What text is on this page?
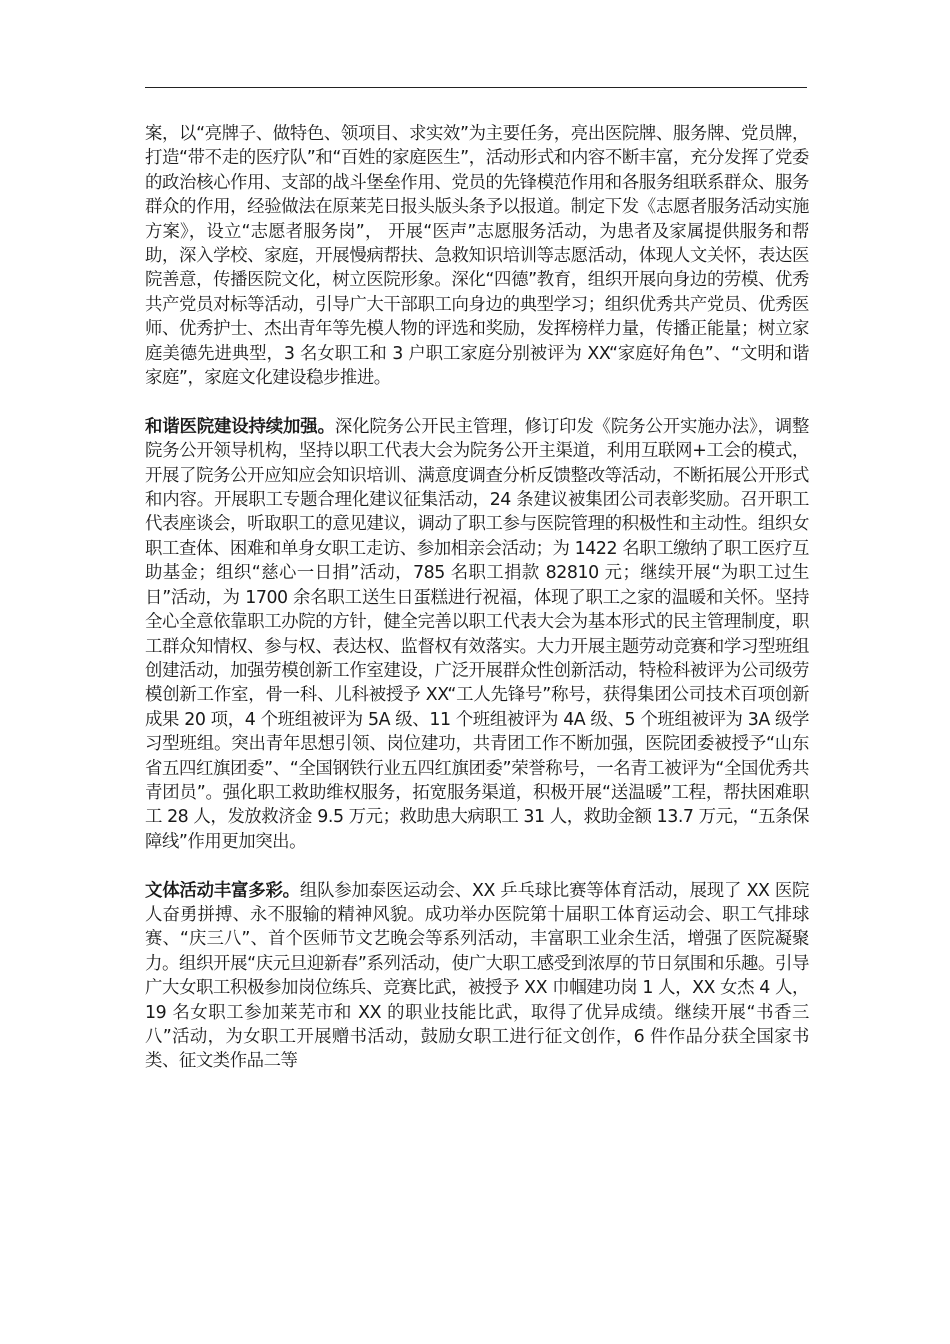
案，以“亮牌子、做特色、领项目、求实效”为主要任务，亮出医院牌、服务牌、党员牌，打造“带不走的医疗队”和“百姓的家庭医生”，活动形式和内容不断丰富，充分发挥了党委的政治核心作用、支部的战斗堡垒作用、党员的先锋模范作用和各服务组联系群众、服务群众的作用，经验做法在原莱芜日报头版头条予以报道。制定下发《志愿者服务活动实施方案》，设立“志愿者服务岗”， 开展“医声”志愿服务活动，为患者及家属提供服务和帮助，深入学校、家庭，开展慢病帮扶、急救知识培训等志愿活动，体现人文关怀，表达医院善意，传播医院文化，树立医院形象。深化“四德”教育，组织开展向身边的劳模、优秀共产党员对标等活动，引导广大干部职工向身边的典型学习；组织优秀共产党员、优秀医师、优秀护士、杰出青年等先模人物的评选和奖励，发挥榜样力量，传播正能量；树立家庭美德先进典型，3 名女职工和 3 户职工家庭分别被评为 XX“家庭好角色”、“文明和谐家庭”，家庭文化建设稳步推进。

和谐医院建设持续加强。深化院务公开民主管理，修订印发《院务公开实施办法》，调整院务公开领导机构，坚持以职工代表大会为院务公开主渠道，利用互联网+工会的模式，开展了院务公开应知应会知识培训、满意度调查分析反馈整改等活动，不断拓展公开形式和内容。开展职工专题合理化建议征集活动，24 条建议被集团公司表彰奖励。召开职工代表座谈会，听取职工的意见建议，调动了职工参与医院管理的积极性和主动性。组织女职工查体、困难和单身女职工走访、参加相亲会活动；为 1422 名职工缴纳了职工医疗互助基金；组织“慈心一日捐”活动，785 名职工捐款 82810 元；继续开展“为职工过生日”活动，为 1700 余名职工送生日蛋糕进行祝福，体现了职工之家的温暖和关怀。坚持全心全意依靠职工办院的方针，健全完善以职工代表大会为基本形式的民主管理制度，职工群众知情权、参与权、表达权、监督权有效落实。大力开展主题劳动竞赛和学习型班组创建活动，加强劳模创新工作室建设，广泛开展群众性创新活动，特检科被评为公司级劳模创新工作室，骨一科、儿科被授予 XX“工人先锋号”称号，获得集团公司技术百项创新成果 20 项，4 个班组被评为 5A 级、11 个班组被评为 4A 级、5 个班组被评为 3A 级学习型班组。突出青年思想引领、岗位建功，共青团工作不断加强，医院团委被授予“山东省五四红旗团委”、“全国钢铁行业五四红旗团委”荣誉称号，一名青工被评为“全国优秀共青团员”。强化职工救助维权服务，拓宽服务渠道，积极开展“送温暖”工程，帮扶困难职工 28 人，发放救济金 9.5 万元；救助患大病职工 31 人，救助金额 13.7 万元，“五条保障线”作用更加突出。

文体活动丰富多彩。组队参加泰医运动会、XX 乒乓球比赛等体育活动，展现了 XX 医院人奋勇拼搏、永不服输的精神风貌。成功举办医院第十届职工体育运动会、职工气排球赛、“庆三八”、首个医师节文艺晚会等系列活动，丰富职工业余生活，增强了医院凝聚力。组织开展“庆元旦迎新春”系列活动，使广大职工感受到浓厚的节日氛围和乐趣。引导广大女职工积极参加岗位练兵、竞赛比武，被授予 XX 巾帼建功岗 1 人，XX 女杰 4 人，19 名女职工参加莱芜市和 XX 的职业技能比武，取得了优异成绩。继续开展“书香三八”活动，为女职工开展赠书活动，鼓励女职工进行征文创作，6 件作品分获全国家书类、征文类作品二等
